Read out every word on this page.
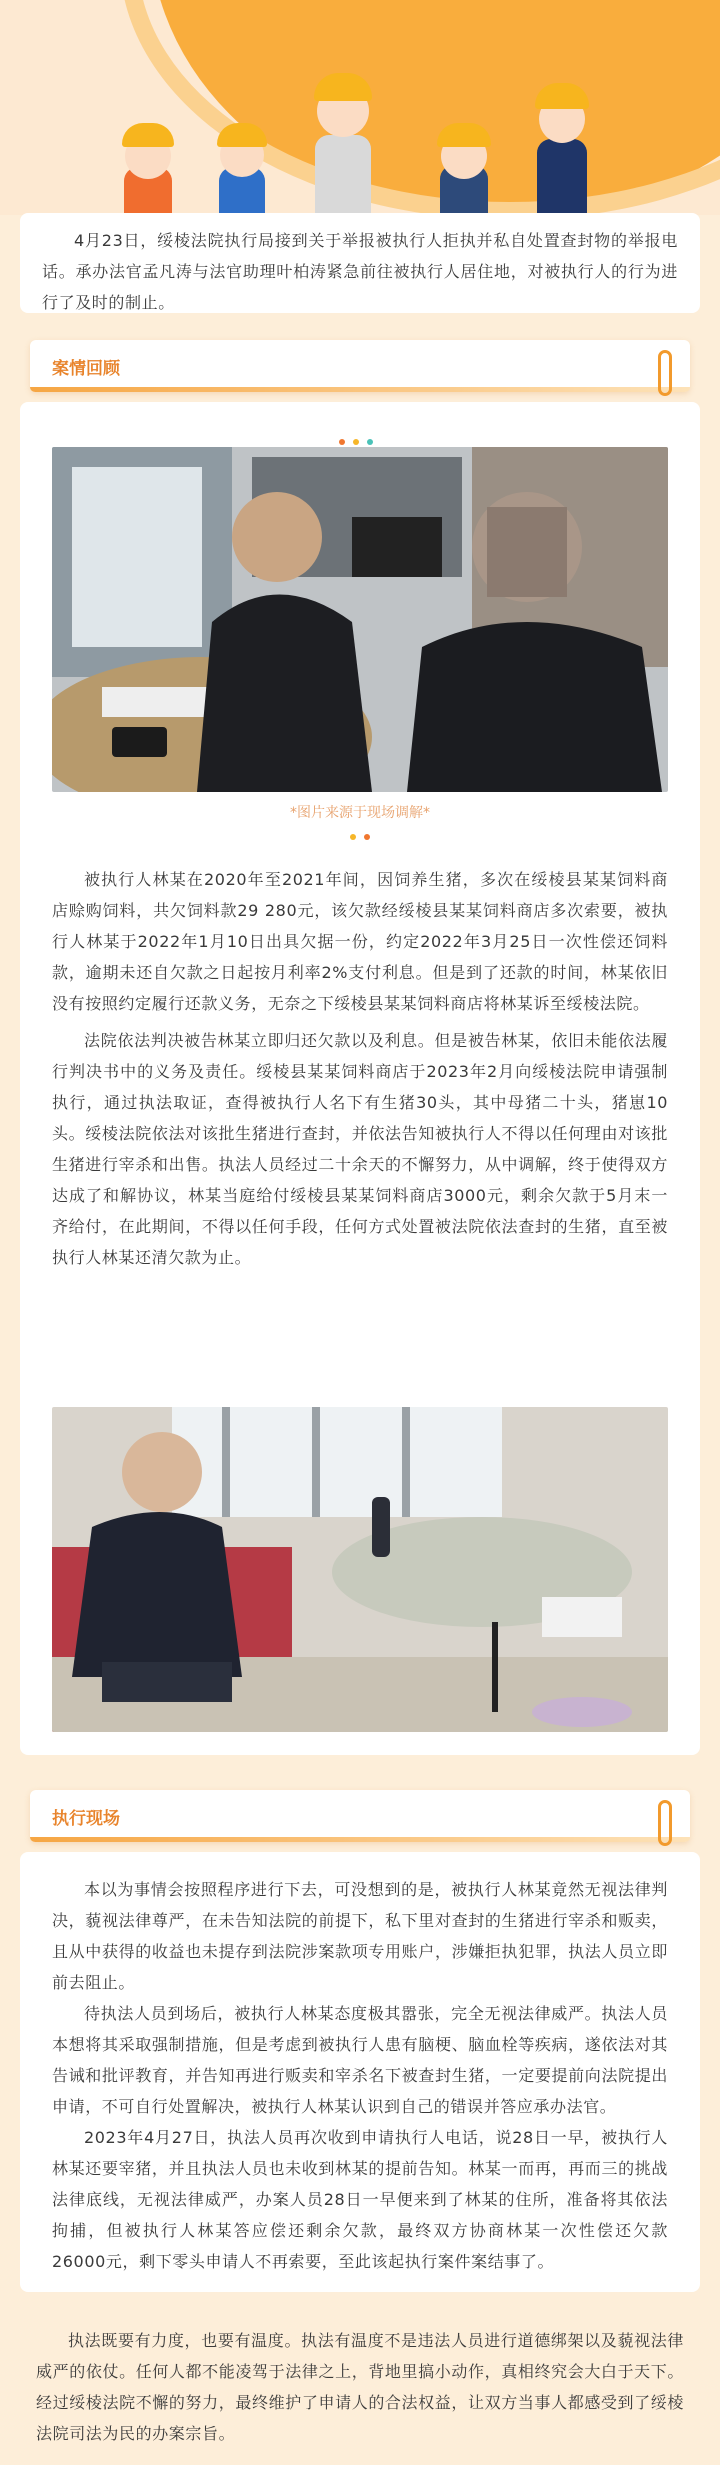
4月23日，绥棱法院执行局接到关于举报被执行人拒执并私自处置查封物的举报电话。承办法官孟凡涛与法官助理叶柏涛紧急前往被执行人居住地，对被执行人的行为进行了及时的制止。

案情回顾
*图片来源于现场调解*

被执行人林某在2020年至2021年间，因饲养生猪，多次在绥棱县某某饲料商店赊购饲料，共欠饲料款29 280元，该欠款经绥棱县某某饲料商店多次索要，被执行人林某于2022年1月10日出具欠据一份，约定2022年3月25日一次性偿还饲料款，逾期未还自欠款之日起按月利率2%支付利息。但是到了还款的时间，林某依旧没有按照约定履行还款义务，无奈之下绥棱县某某饲料商店将林某诉至绥棱法院。

法院依法判决被告林某立即归还欠款以及利息。但是被告林某，依旧未能依法履行判决书中的义务及责任。绥棱县某某饲料商店于2023年2月向绥棱法院申请强制执行，通过执法取证，查得被执行人名下有生猪30头，其中母猪二十头，猪崽10头。绥棱法院依法对该批生猪进行查封，并依法告知被执行人不得以任何理由对该批生猪进行宰杀和出售。执法人员经过二十余天的不懈努力，从中调解，终于使得双方达成了和解协议，林某当庭给付绥棱县某某饲料商店3000元，剩余欠款于5月末一齐给付，在此期间，不得以任何手段，任何方式处置被法院依法查封的生猪，直至被执行人林某还清欠款为止。

执行现场

本以为事情会按照程序进行下去，可没想到的是，被执行人林某竟然无视法律判决，藐视法律尊严，在未告知法院的前提下，私下里对查封的生猪进行宰杀和贩卖，且从中获得的收益也未提存到法院涉案款项专用账户，涉嫌拒执犯罪，执法人员立即前去阻止。

待执法人员到场后，被执行人林某态度极其嚣张，完全无视法律威严。执法人员本想将其采取强制措施，但是考虑到被执行人患有脑梗、脑血栓等疾病，遂依法对其告诫和批评教育，并告知再进行贩卖和宰杀名下被查封生猪，一定要提前向法院提出申请，不可自行处置解决，被执行人林某认识到自己的错误并答应承办法官。

2023年4月27日，执法人员再次收到申请执行人电话，说28日一早，被执行人林某还要宰猪，并且执法人员也未收到林某的提前告知。林某一而再，再而三的挑战法律底线，无视法律威严，办案人员28日一早便来到了林某的住所，准备将其依法拘捕，但被执行人林某答应偿还剩余欠款，最终双方协商林某一次性偿还欠款26000元，剩下零头申请人不再索要，至此该起执行案件案结事了。

执法既要有力度，也要有温度。执法有温度不是违法人员进行道德绑架以及藐视法律威严的依仗。任何人都不能凌驾于法律之上，背地里搞小动作，真相终究会大白于天下。经过绥棱法院不懈的努力，最终维护了申请人的合法权益，让双方当事人都感受到了绥棱法院司法为民的办案宗旨。
